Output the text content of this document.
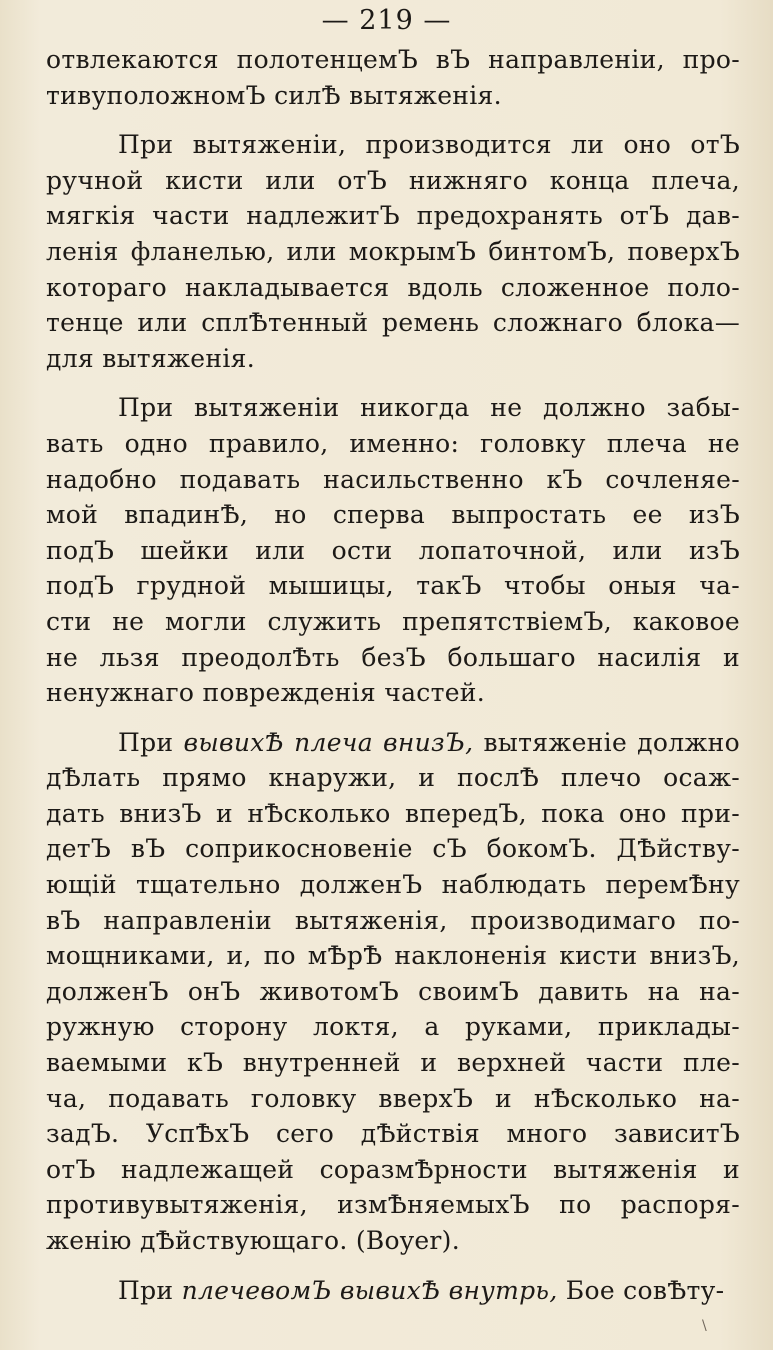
— 219 —
отвлекаются полотенцемЪ вЪ направленіи, про-
тивуположномЪ силѢ вытяженія.
При вытяженіи, производится ли оно отЪ
ручной кисти или отЪ нижняго конца плеча,
мягкія части надлежитЪ предохранять отЪ дав-
ленія фланелью, или мокрымЪ бинтомЪ, поверхЪ
котораго накладывается вдоль сложенное поло-
тенце или сплѢтенный ремень сложнаго блока—
для вытяженія.
При вытяженіи никогда не должно забы-
вать одно правило, именно: головку плеча не
надобно подавать насильственно кЪ сочленяе-
мой впадинѢ, но сперва выпростать ее изЪ
подЪ шейки или ости лопаточной, или изЪ
подЪ грудной мышицы, такЪ чтобы оныя ча-
сти не могли служить препятствіемЪ, каковое
не льзя преодолѢть безЪ большаго насилія и
ненужнаго поврежденія частей.
При вывихѢ плеча внизЪ, вытяженіе должно
дѢлать прямо кнаружи, и послѢ плечо осаж-
дать внизЪ и нѢсколько впередЪ, пока оно при-
детЪ вЪ соприкосновеніе сЪ бокомЪ. ДѢйству-
ющій тщательно долженЪ наблюдать перемѢну
вЪ направленіи вытяженія, производимаго по-
мощниками, и, по мѢрѢ наклоненія кисти внизЪ,
долженЪ онЪ животомЪ своимЪ давить на на-
ружную сторону локтя, а руками, приклады-
ваемыми кЪ внутренней и верхней части пле-
ча, подавать головку вверхЪ и нѢсколько на-
задЪ. УспѢхЪ сего дѢйствія много зависитЪ
отЪ надлежащей соразмѢрности вытяженія и
противувытяженія, измѢняемыхЪ по распоря-
женію дѢйствующаго. (Boyer).
При плечевомЪ вывихѢ внутрь, Бое совѢту-
\
